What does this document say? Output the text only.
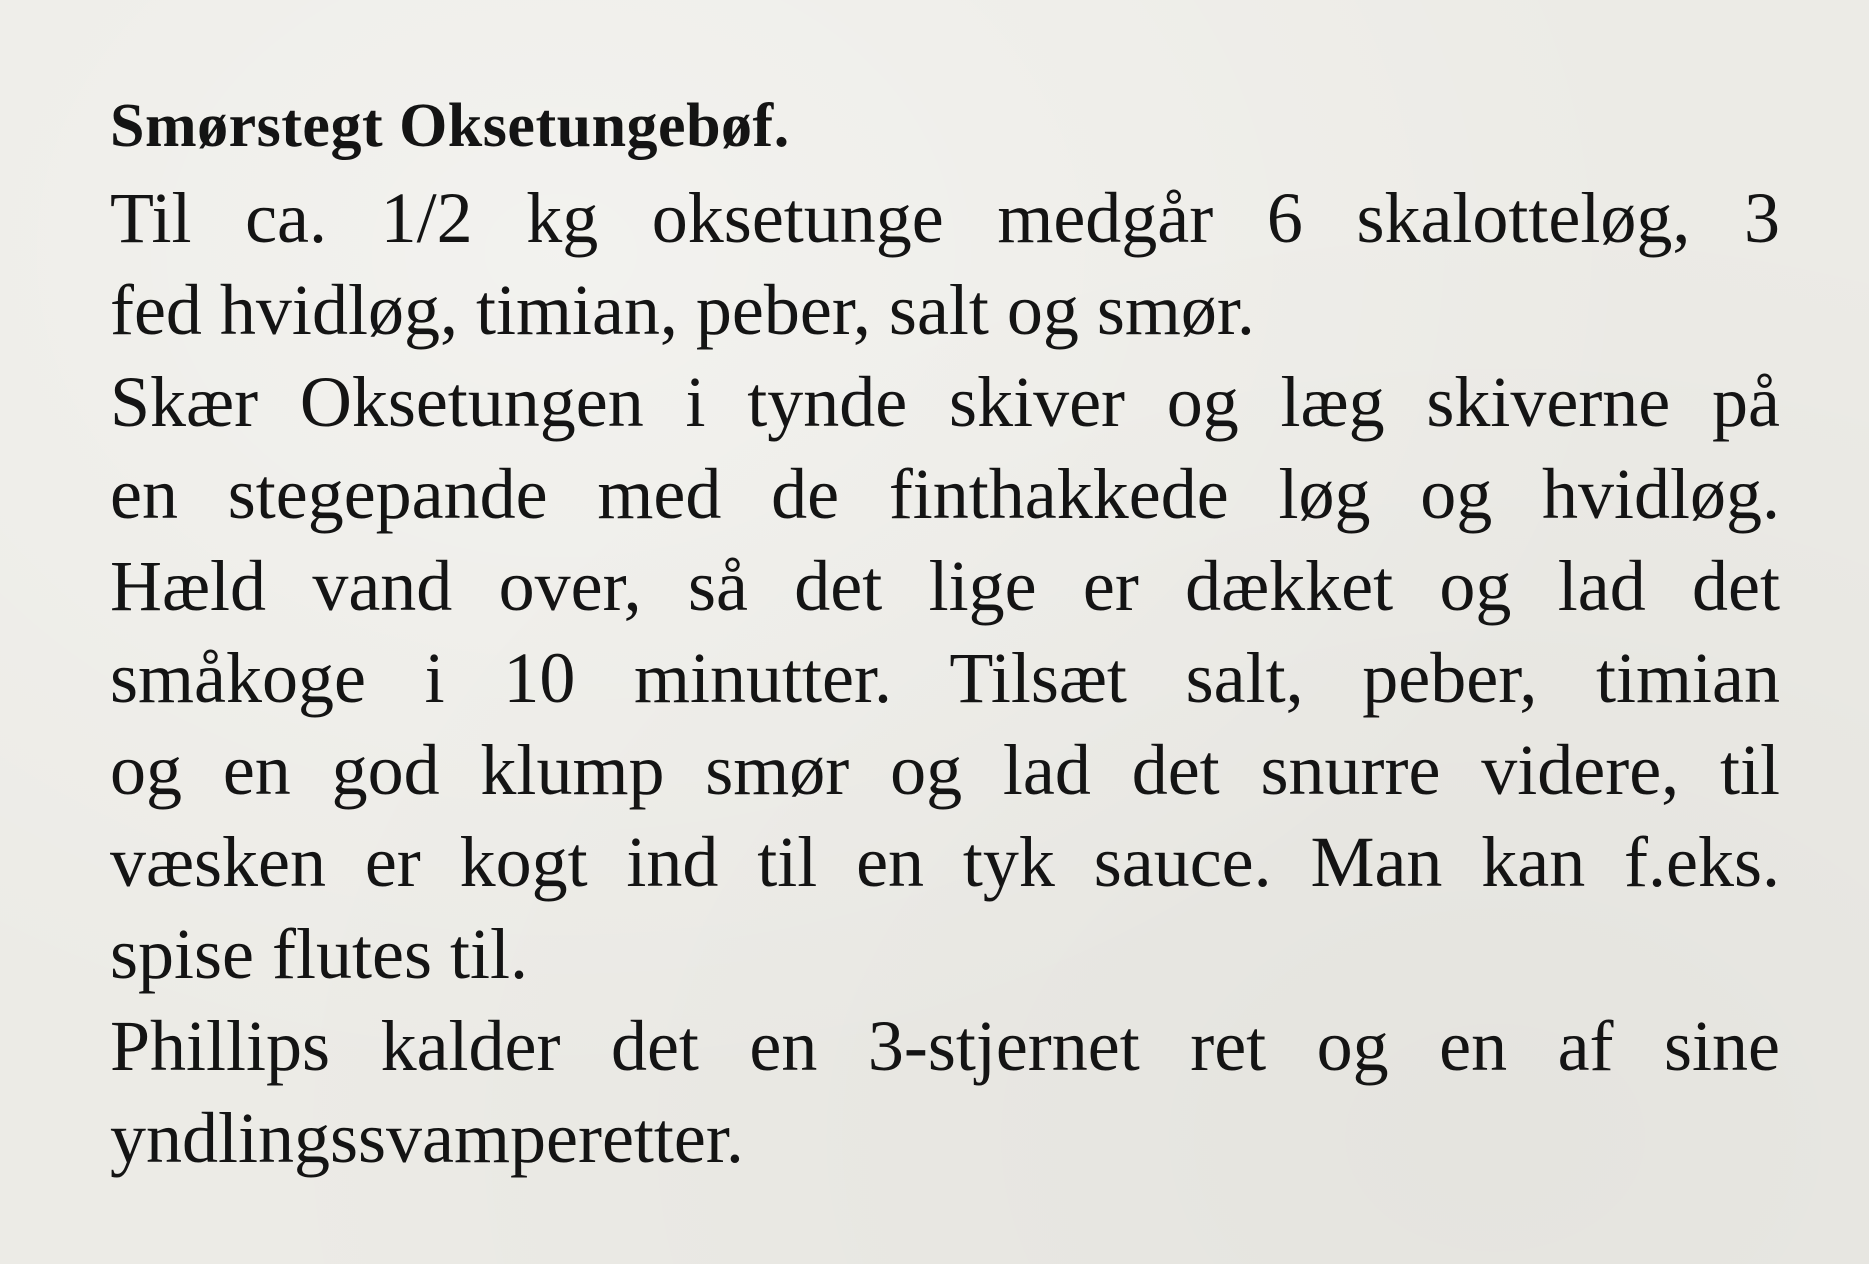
Smørstegt Oksetungebøf.

Til ca. 1/2 kg oksetunge medgår 6 skalotteløg, 3

fed hvidløg, timian, peber, salt og smør.

Skær Oksetungen i tynde skiver og læg skiverne på

en stegepande med de finthakkede løg og hvidløg.

Hæld vand over, så det lige er dækket og lad det

småkoge i 10 minutter. Tilsæt salt, peber, timian

og en god klump smør og lad det snurre videre, til

væsken er kogt ind til en tyk sauce. Man kan f.eks.

spise flutes til.

Phillips kalder det en 3-stjernet ret og en af sine

yndlingssvamperetter.
